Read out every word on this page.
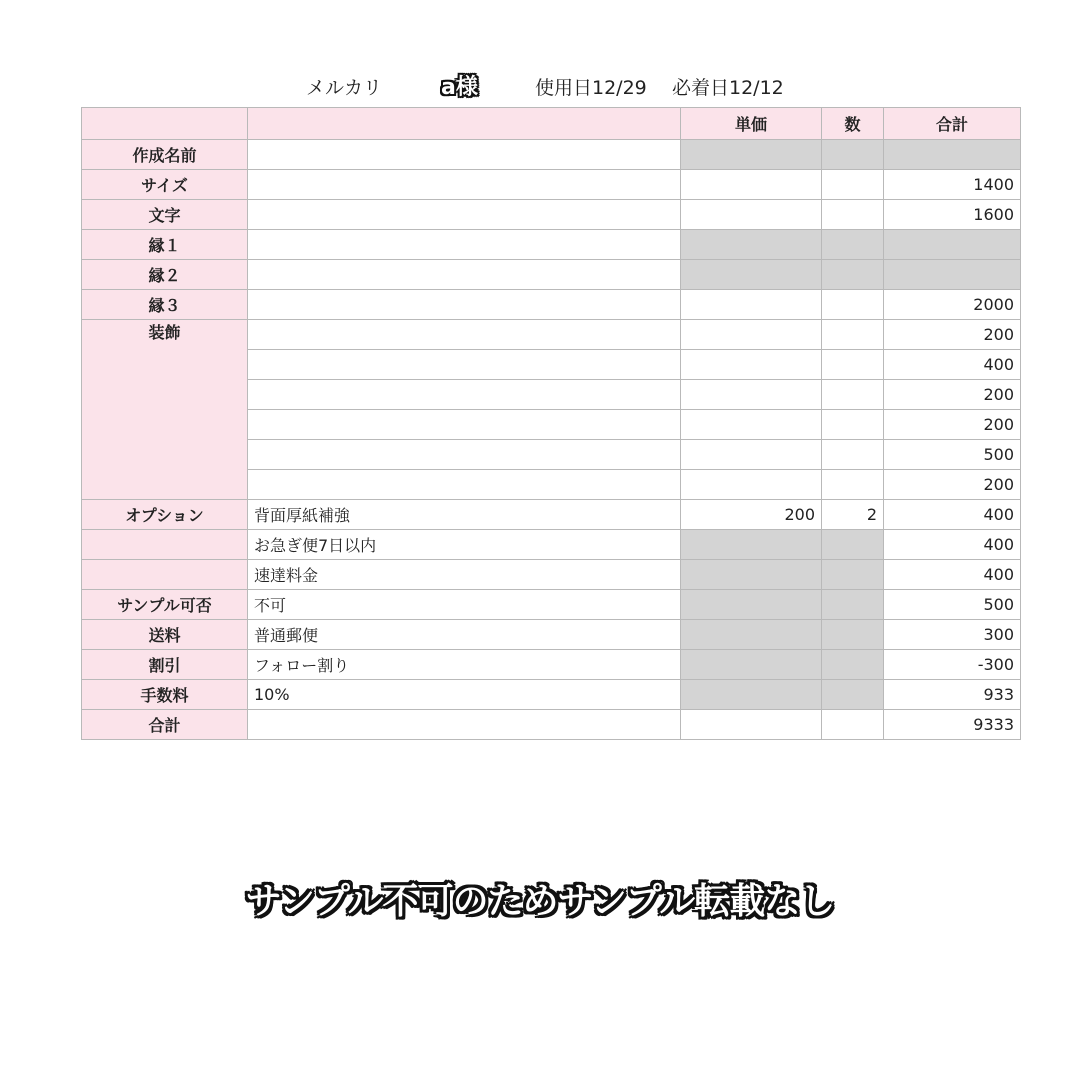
メルカリ	a様	使用日12/29 必着日12/12
		単価	数	合計
作成名前				
サイズ				1400
文字				1600
縁１				
縁２				
縁３				2000
装飾				200
				400
				200
				200
				500
				200
オプション	背面厚紙補強	200	2	400
	お急ぎ便7日以内			400
	速達料金			400
サンプル可否	不可			500
送料	普通郵便			300
割引	フォロー割り			-300
手数料	10%			933
合計				9333
サンプル不可のためサンプル転載なし
